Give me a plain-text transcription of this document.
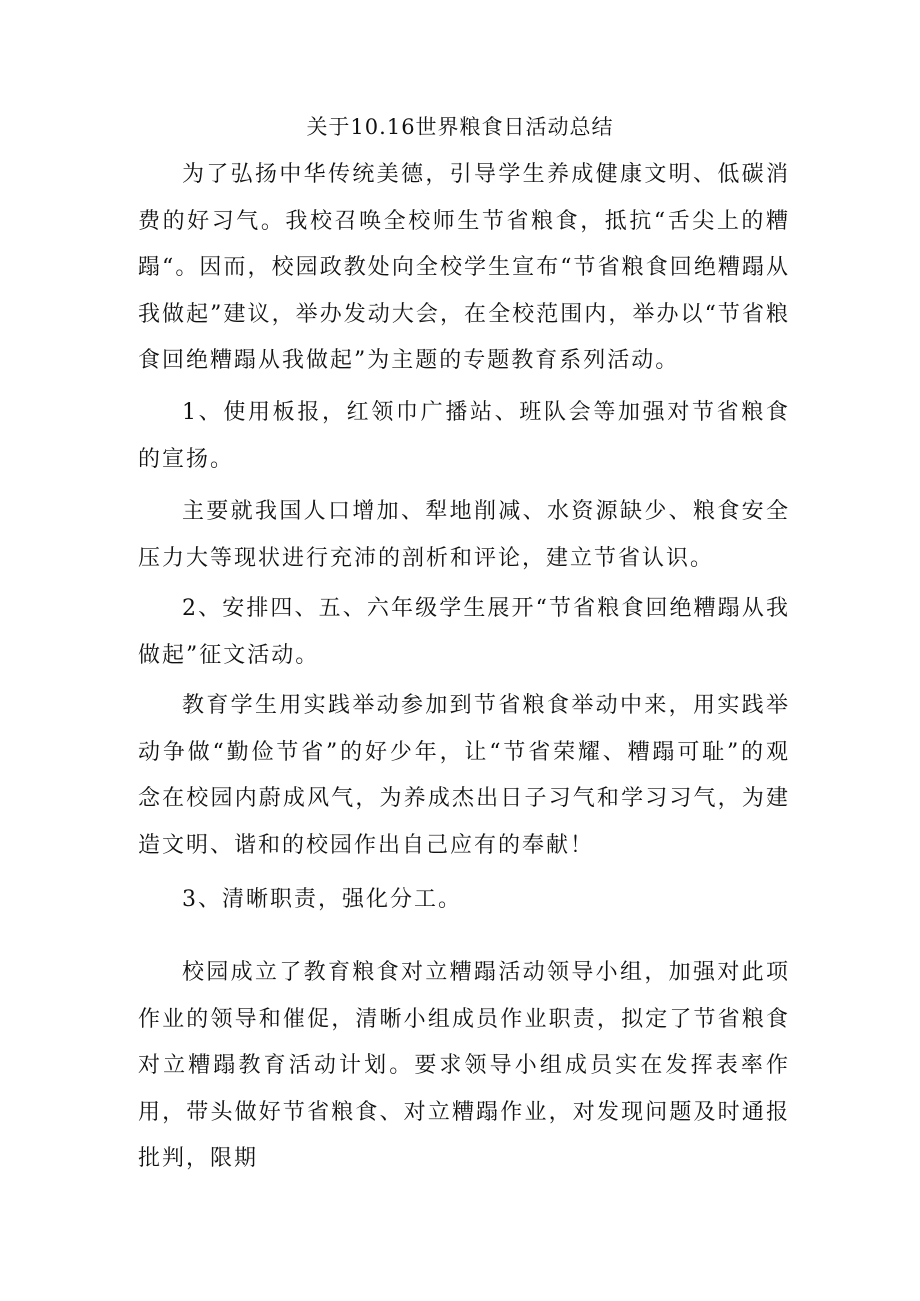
关于10.16世界粮食日活动总结

为了弘扬中华传统美德，引导学生养成健康文明、低碳消费的好习气。我校召唤全校师生节省粮食，抵抗“舌尖上的糟蹋“。因而，校园政教处向全校学生宣布“节省粮食回绝糟蹋从我做起”建议，举办发动大会，在全校范围内，举办以“节省粮食回绝糟蹋从我做起”为主题的专题教育系列活动。

1、使用板报，红领巾广播站、班队会等加强对节省粮食的宣扬。

主要就我国人口增加、犁地削减、水资源缺少、粮食安全压力大等现状进行充沛的剖析和评论，建立节省认识。

2、安排四、五、六年级学生展开“节省粮食回绝糟蹋从我做起”征文活动。

教育学生用实践举动参加到节省粮食举动中来，用实践举动争做“勤俭节省”的好少年，让“节省荣耀、糟蹋可耻”的观念在校园内蔚成风气，为养成杰出日子习气和学习习气，为建造文明、谐和的校园作出自己应有的奉献！

3、清晰职责，强化分工。

校园成立了教育粮食对立糟蹋活动领导小组，加强对此项作业的领导和催促，清晰小组成员作业职责，拟定了节省粮食对立糟蹋教育活动计划。要求领导小组成员实在发挥表率作用，带头做好节省粮食、对立糟蹋作业，对发现问题及时通报批判，限期
